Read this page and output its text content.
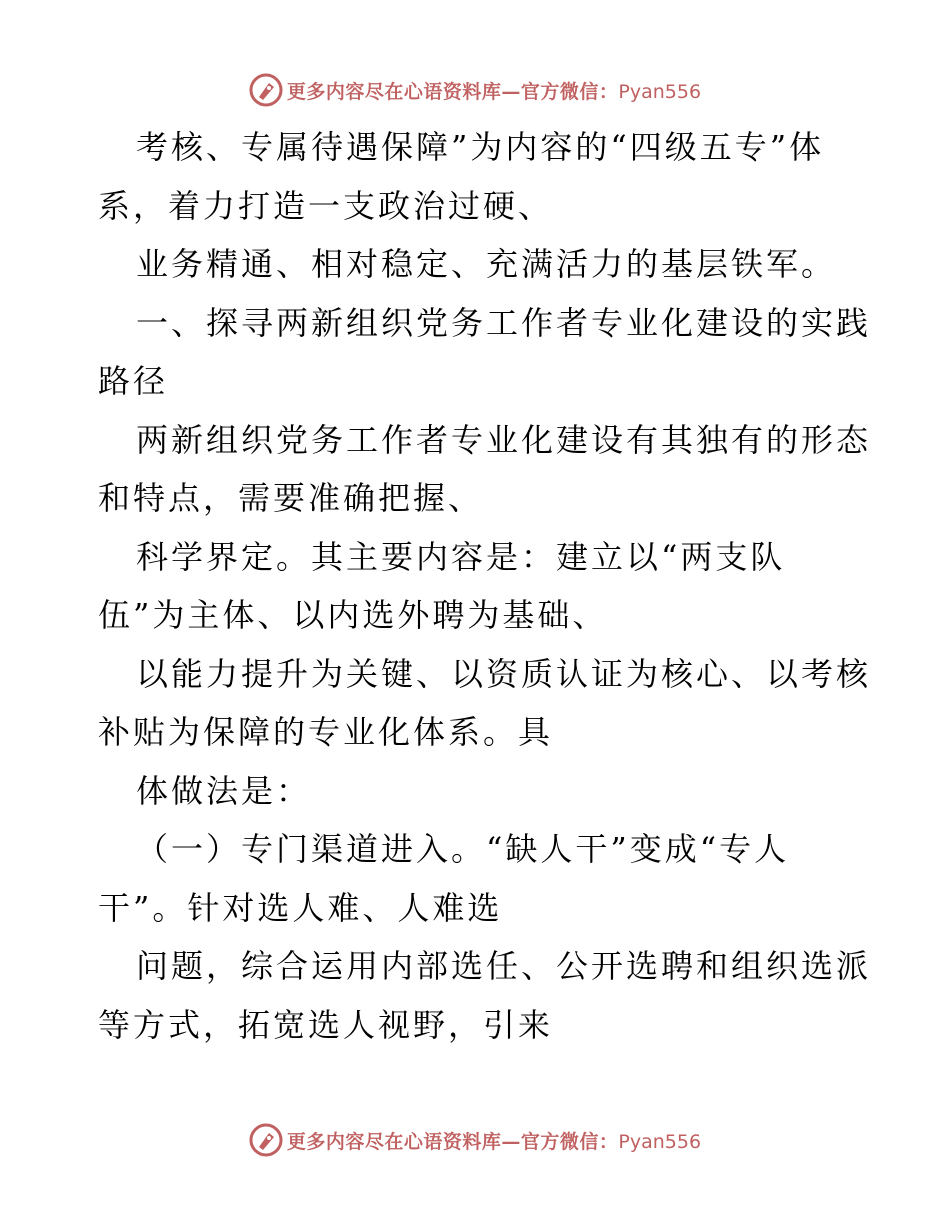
更多内容尽在心语资料库—官方微信：Pyan556
考核、专属待遇保障”为内容的“四级五专”体
系，着力打造一支政治过硬、
业务精通、相对稳定、充满活力的基层铁军。
一、探寻两新组织党务工作者专业化建设的实践
路径
两新组织党务工作者专业化建设有其独有的形态
和特点，需要准确把握、
科学界定。其主要内容是：建立以“两支队
伍”为主体、以内选外聘为基础、
以能力提升为关键、以资质认证为核心、以考核
补贴为保障的专业化体系。具
体做法是：
（一）专门渠道进入。“缺人干”变成“专人
干”。针对选人难、人难选
问题，综合运用内部选任、公开选聘和组织选派
等方式，拓宽选人视野，引来
更多内容尽在心语资料库—官方微信：Pyan556
